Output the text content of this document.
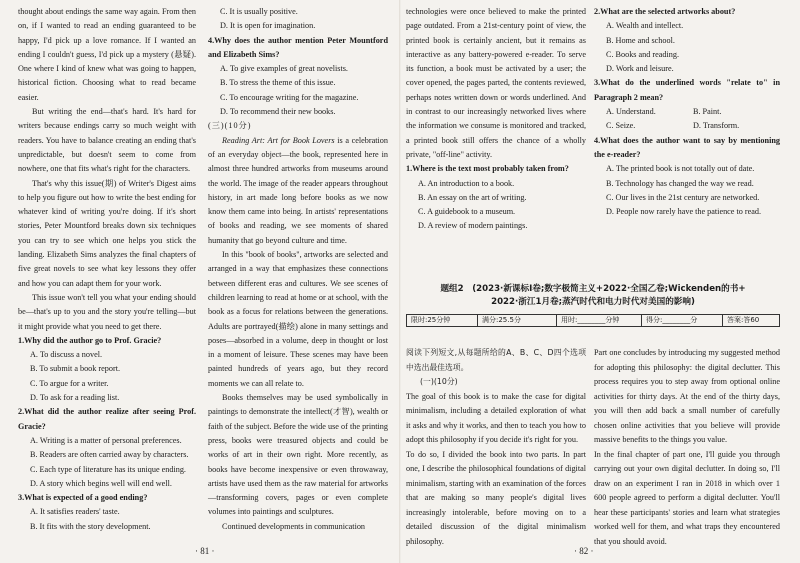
thought about endings the same way again. From then on, if I wanted to read an ending guaranteed to be happy, I'd pick up a love romance. If I wanted an ending I couldn't guess, I'd pick up a mystery (悬疑). One where I kind of knew what was going to happen, historical fiction. Choosing what to read became easier.

But writing the end—that's hard. It's hard for writers because endings carry so much weight with readers. You have to balance creating an ending that's unpredictable, but doesn't seem to come from nowhere, one that fits what's right for the characters.

That's why this issue(期) of Writer's Digest aims to help you figure out how to write the best ending for whatever kind of writing you're doing. If it's short stories, Peter Mountford breaks down six techniques you can try to see which one helps you stick the landing. Elizabeth Sims analyzes the final chapters of five great novels to see what key lessons they offer and how you can adapt them for your work.

This issue won't tell you what your ending should be—that's up to you and the story you're telling—but it might provide what you need to get there.

1.Why did the author go to Prof. Gracie?

A. To discuss a novel.

B. To submit a book report.

C. To argue for a writer.

D. To ask for a reading list.

2.What did the author realize after seeing Prof. Gracie?

A. Writing is a matter of personal preferences.

B. Readers are often carried away by characters.

C. Each type of literature has its unique ending.

D. A story which begins well will end well.

3.What is expected of a good ending?

A. It satisfies readers' taste.

B. It fits with the story development.

C. It is usually positive.

D. It is open for imagination.

4.Why does the author mention Peter Mountford and Elizabeth Sims?

A. To give examples of great novelists.

B. To stress the theme of this issue.

C. To encourage writing for the magazine.

D. To recommend their new books.

(三)(10分)

Reading Art: Art for Book Lovers is a celebration of an everyday object—the book, represented here in almost three hundred artworks from museums around the world. The image of the reader appears throughout history, in art made long before books as we now know them came into being. In artists' representations of books and reading, we see moments of shared humanity that go beyond culture and time.

In this "book of books", artworks are selected and arranged in a way that emphasizes these connections between different eras and cultures. We see scenes of children learning to read at home or at school, with the book as a focus for relations between the generations. Adults are portrayed(描绘) alone in many settings and poses—absorbed in a volume, deep in thought or lost in a moment of leisure. These scenes may have been painted hundreds of years ago, but they record moments we can all relate to.

Books themselves may be used symbolically in paintings to demonstrate the intellect(才智), wealth or faith of the subject. Before the wide use of the printing press, books were treasured objects and could be works of art in their own right. More recently, as books have become inexpensive or even throwaway, artists have used them as the raw material for artworks—transforming covers, pages or even complete volumes into paintings and sculptures.

Continued developments in communication

· 81 ·

technologies were once believed to make the printed page outdated. From a 21st-century point of view, the printed book is certainly ancient, but it remains as interactive as any battery-powered e-reader. To serve its function, a book must be activated by a user; the cover opened, the pages parted, the contents reviewed, perhaps notes written down or words underlined. And in contrast to our increasingly networked lives where the information we consume is monitored and tracked, a printed book still offers the chance of a wholly private, "off-line" activity.

1.Where is the text most probably taken from?

A. An introduction to a book.

B. An essay on the art of writing.

C. A guidebook to a museum.

D. A review of modern paintings.

2.What are the selected artworks about?

A. Wealth and intellect.

B. Home and school.

C. Books and reading.

D. Work and leisure.

3.What do the underlined words "relate to" in Paragraph 2 mean?

A. Understand.	B. Paint.
C. Seize.	D. Transform.

4.What does the author want to say by mentioning the e-reader?

A. The printed book is not totally out of date.

B. Technology has changed the way we read.

C. Our lives in the 21st century are networked.

D. People now rarely have the patience to read.

题组2　(2023·新课标Ⅰ卷;数字极简主义+2022·全国乙卷;Wickenden的书+
2022·浙江1月卷;蒸汽时代和电力时代对美国的影响)
限时:25分钟	满分:25.5分	用时:________分钟	得分:________分	答案:答60

阅读下列短文,从每题所给的A、B、C、D四个选项中选出最佳选项。

(一)(10分)

The goal of this book is to make the case for digital minimalism, including a detailed exploration of what it asks and why it works, and then to teach you how to adopt this philosophy if you decide it's right for you.

To do so, I divided the book into two parts. In part one, I describe the philosophical foundations of digital minimalism, starting with an examination of the forces that are making so many people's digital lives increasingly intolerable, before moving on to a detailed discussion of the digital minimalism philosophy.

Part one concludes by introducing my suggested method for adopting this philosophy: the digital declutter. This process requires you to step away from optional online activities for thirty days. At the end of the thirty days, you will then add back a small number of carefully chosen online activities that you believe will provide massive benefits to the things you value.

In the final chapter of part one, I'll guide you through carrying out your own digital declutter. In doing so, I'll draw on an experiment I ran in 2018 in which over 1 600 people agreed to perform a digital declutter. You'll hear these participants' stories and learn what strategies worked well for them, and what traps they encountered that you should avoid.

· 82 ·
